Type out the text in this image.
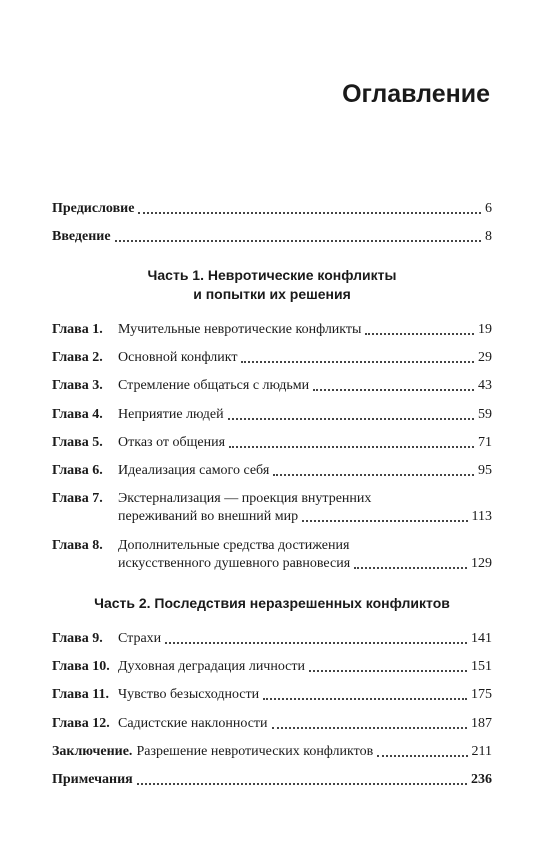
Оглавление
Предисловие	6
Введение	8
Часть 1. Невротические конфликты
и попытки их решения
Глава 1.	Мучительные невротические конфликты	19
Глава 2.	Основной конфликт	29
Глава 3.	Стремление общаться с людьми	43
Глава 4.	Неприятие людей	59
Глава 5.	Отказ от общения	71
Глава 6.	Идеализация самого себя	95
Глава 7.	Экстернализация — проекция внутренних
переживаний во внешний мир	113
Глава 8.	Дополнительные средства достижения
искусственного душевного равновесия	129
Часть 2. Последствия неразрешенных конфликтов
Глава 9.	Страхи	141
Глава 10. Духовная деградация личности	151
Глава 11. Чувство безысходности	175
Глава 12. Садистские наклонности	187
Заключение. Разрешение невротических конфликтов	211
Примечания	236
